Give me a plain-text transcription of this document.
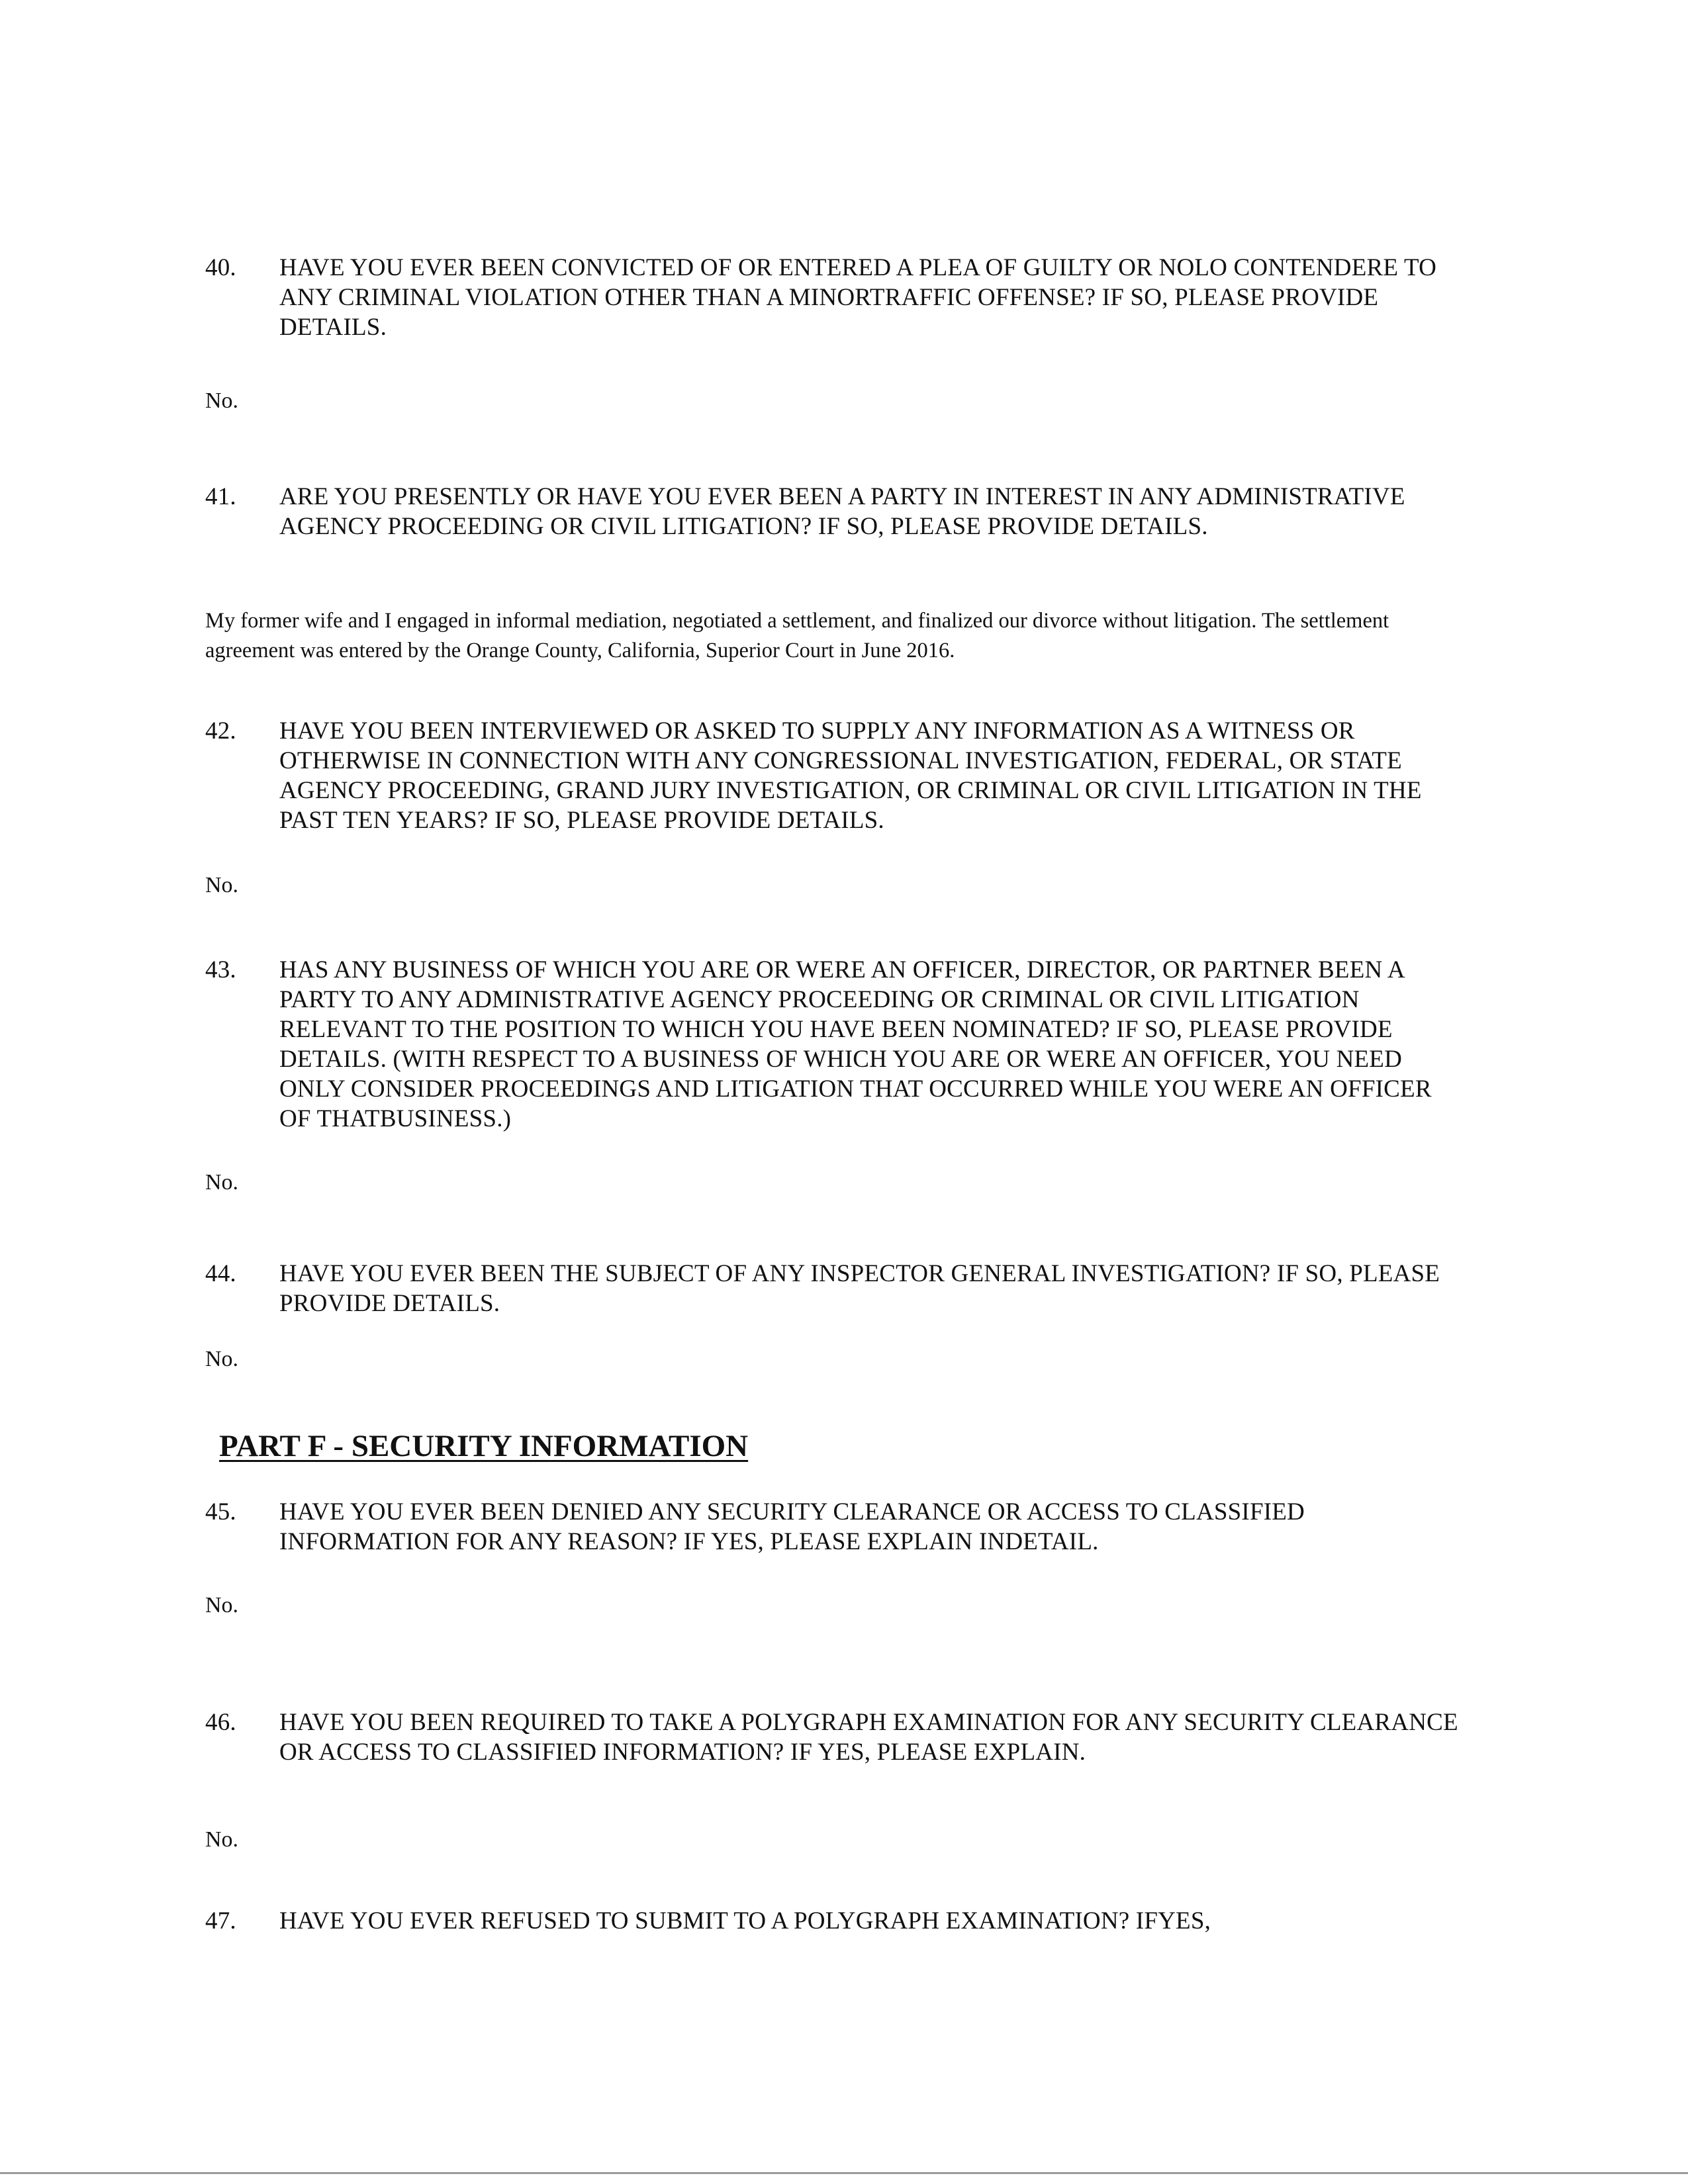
40.	HAVE YOU EVER BEEN CONVICTED OF OR ENTERED A PLEA OF GUILTY OR NOLO CONTENDERE TO ANY CRIMINAL VIOLATION OTHER THAN A MINORTRAFFIC OFFENSE? IF SO, PLEASE PROVIDE DETAILS.
No.
41.	ARE YOU PRESENTLY OR HAVE YOU EVER BEEN A PARTY IN INTEREST IN ANY ADMINISTRATIVE AGENCY PROCEEDING OR CIVIL LITIGATION? IF SO, PLEASE PROVIDE DETAILS.
My former wife and I engaged in informal mediation, negotiated a settlement, and finalized our divorce without litigation. The settlement agreement was entered by the Orange County, California, Superior Court in June 2016.
42.	HAVE YOU BEEN INTERVIEWED OR ASKED TO SUPPLY ANY INFORMATION AS A WITNESS OR OTHERWISE IN CONNECTION WITH ANY CONGRESSIONAL INVESTIGATION, FEDERAL, OR STATE AGENCY PROCEEDING, GRAND JURY INVESTIGATION, OR CRIMINAL OR CIVIL LITIGATION IN THE PAST TEN YEARS? IF SO, PLEASE PROVIDE DETAILS.
No.
43.	HAS ANY BUSINESS OF WHICH YOU ARE OR WERE AN OFFICER, DIRECTOR, OR PARTNER BEEN A PARTY TO ANY ADMINISTRATIVE AGENCY PROCEEDING OR CRIMINAL OR CIVIL LITIGATION RELEVANT TO THE POSITION TO WHICH YOU HAVE BEEN NOMINATED? IF SO, PLEASE PROVIDE DETAILS. (WITH RESPECT TO A BUSINESS OF WHICH YOU ARE OR WERE AN OFFICER, YOU NEED ONLY CONSIDER PROCEEDINGS AND LITIGATION THAT OCCURRED WHILE YOU WERE AN OFFICER OF THATBUSINESS.)
No.
44.	HAVE YOU EVER BEEN THE SUBJECT OF ANY INSPECTOR GENERAL INVESTIGATION? IF SO, PLEASE PROVIDE DETAILS.
No.
PART F - SECURITY INFORMATION
45.	HAVE YOU EVER BEEN DENIED ANY SECURITY CLEARANCE OR ACCESS TO CLASSIFIED INFORMATION FOR ANY REASON? IF YES, PLEASE EXPLAIN INDETAIL.
No.
46.	HAVE YOU BEEN REQUIRED TO TAKE A POLYGRAPH EXAMINATION FOR ANY SECURITY CLEARANCE OR ACCESS TO CLASSIFIED INFORMATION? IF YES, PLEASE EXPLAIN.
No.
47.	HAVE YOU EVER REFUSED TO SUBMIT TO A POLYGRAPH EXAMINATION? IFYES,
